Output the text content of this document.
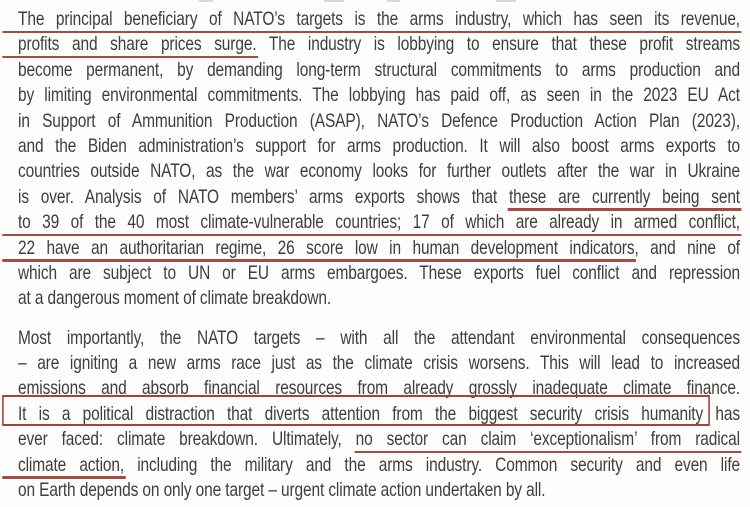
The principal beneficiary of NATO’s targets is the arms industry, which has seen its revenue,
profits and share prices surge. The industry is lobbying to ensure that these profit streams
become permanent, by demanding long-term structural commitments to arms production and
by limiting environmental commitments. The lobbying has paid off, as seen in the 2023 EU Act
in Support of Ammunition Production (ASAP), NATO’s Defence Production Action Plan (2023),
and the Biden administration’s support for arms production. It will also boost arms exports to
countries outside NATO, as the war economy looks for further outlets after the war in Ukraine
is over. Analysis of NATO members’ arms exports shows that these are currently being sent
to 39 of the 40 most climate-vulnerable countries; 17 of which are already in armed conflict,
22 have an authoritarian regime, 26 score low in human development indicators, and nine of
which are subject to UN or EU arms embargoes. These exports fuel conflict and repression
at a dangerous moment of climate breakdown.
Most importantly, the NATO targets – with all the attendant environmental consequences
– are igniting a new arms race just as the climate crisis worsens. This will lead to increased
emissions and absorb financial resources from already grossly inadequate climate finance.
It is a political distraction that diverts attention from the biggest security crisis humanity has
ever faced: climate breakdown. Ultimately, no sector can claim ‘exceptionalism’ from radical
climate action, including the military and the arms industry. Common security and even life
on Earth depends on only one target – urgent climate action undertaken by all.
